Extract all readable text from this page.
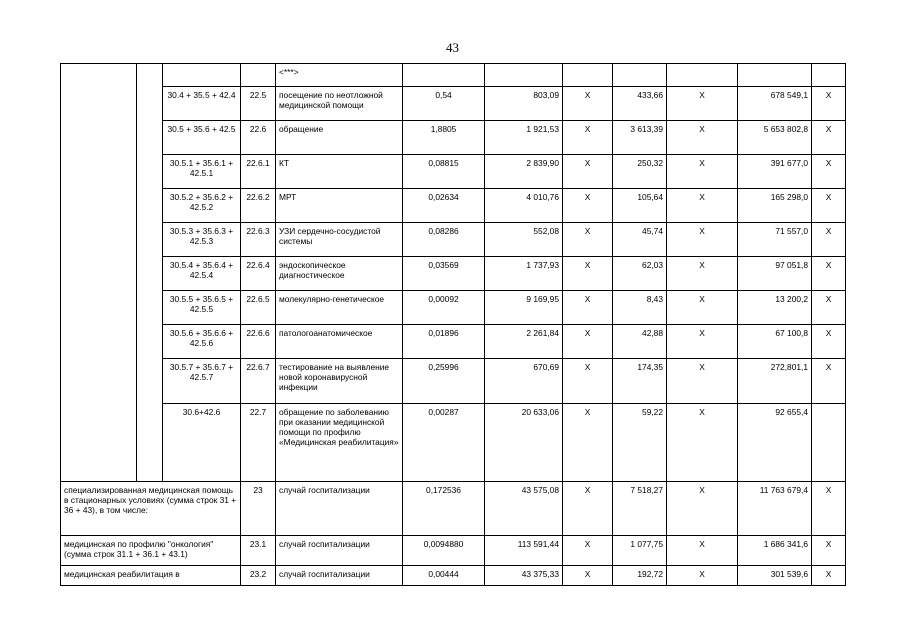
43
				<***>							
		30.4 + 35.5 + 42.4	22.5	посещение по неотложной медицинской помощи	0,54	803,09	X	433,66	X	678 549,1	X
		30.5 + 35.6 + 42.5	22.6	обращение	1,8805	1 921,53	X	3 613,39	X	5 653 802,8	X
		30.5.1 + 35.6.1 + 42.5.1	22.6.1	КТ	0,08815	2 839,90	X	250,32	X	391 677,0	X
		30.5.2 + 35.6.2 + 42.5.2	22.6.2	МРТ	0,02634	4 010,76	X	105,64	X	165 298,0	X
		30.5.3 + 35.6.3 + 42.5.3	22.6.3	УЗИ сердечно-сосудистой системы	0,08286	552,08	X	45,74	X	71 557,0	X
		30.5.4 + 35.6.4 + 42.5.4	22.6.4	эндоскопическое диагностическое	0,03569	1 737,93	X	62,03	X	97 051,8	X
		30.5.5 + 35.6.5 + 42.5.5	22.6.5	молекулярно-генетическое	0,00092	9 169,95	X	8,43	X	13 200,2	X
		30.5.6 + 35.6.6 + 42.5.6	22.6.6	патологоанатомическое	0,01896	2 261,84	X	42,88	X	67 100,8	X
		30.5.7 + 35.6.7 + 42.5.7	22.6.7	тестирование на выявление новой коронавирусной инфекции	0,25996	670,69	X	174,35	X	272,801,1	X
		30.6+42.6	22.7	обращение по заболеванию при оказании медицинской помощи по профилю «Медицинская реабилитация»	0,00287	20 633,06	X	59,22	X	92 655,4	
специализированная медицинская помощь в стационарных условиях (сумма строк 31 + 36 + 43), в том числе:			23	случай госпитализации	0,172536	43 575,08	X	7 518,27	X	11 763 679,4	X
медицинская по профилю "онкология" (сумма строк 31.1 + 36.1 + 43.1)			23.1	случай госпитализации	0,0094880	113 591,44	X	1 077,75	X	1 686 341,6	X
медицинская реабилитация в			23.2	случай госпитализации	0,00444	43 375,33	X	192,72	X	301 539,6	X
